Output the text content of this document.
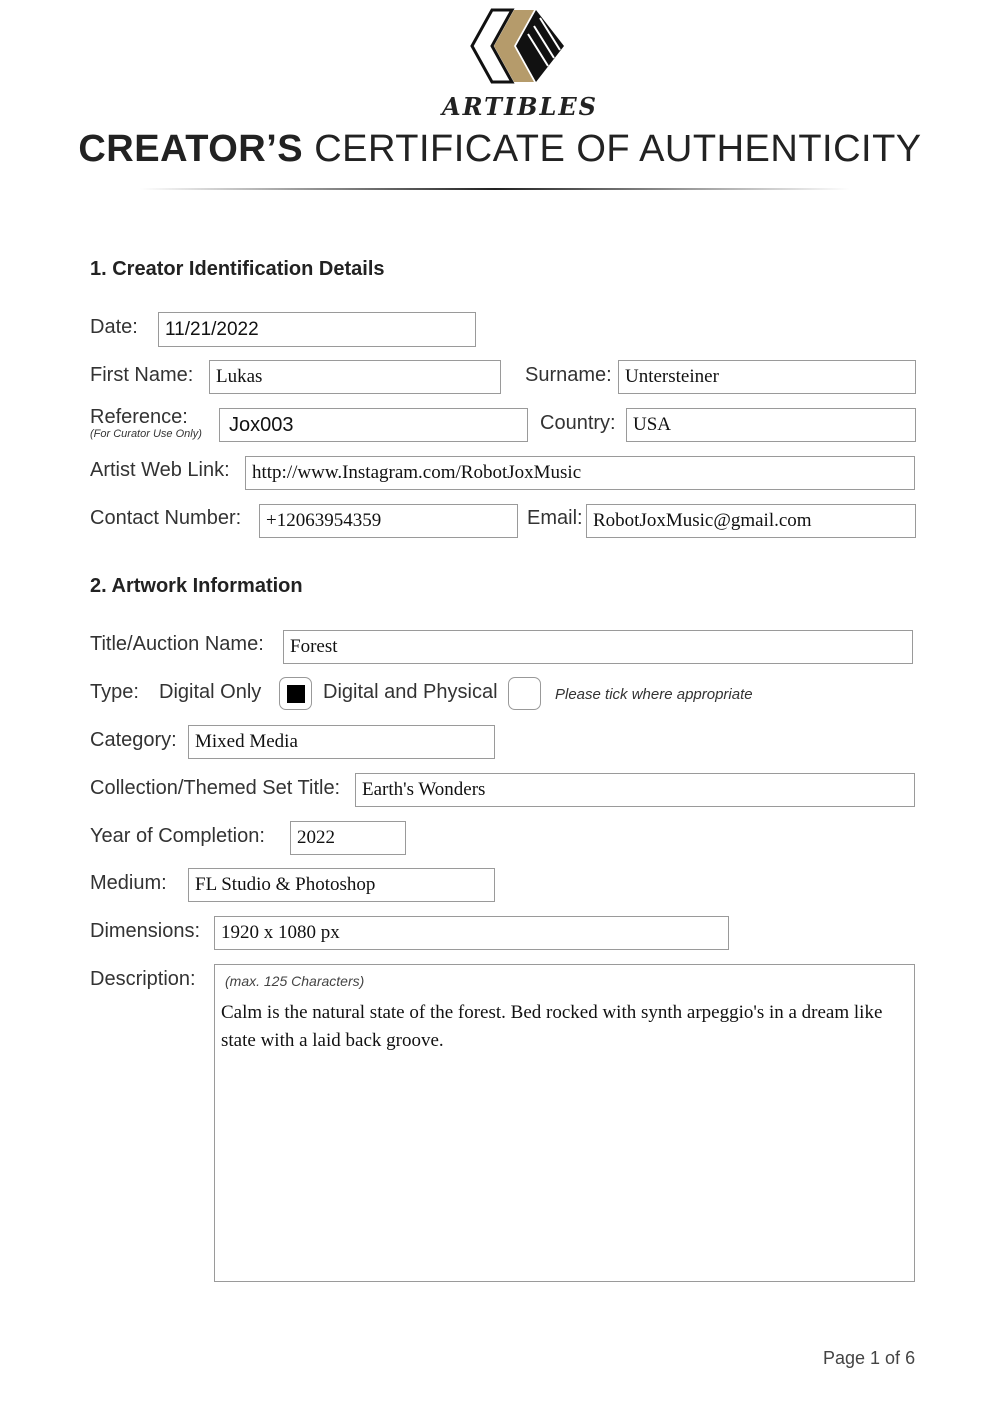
ARTIBLES
CREATOR’S CERTIFICATE OF AUTHENTICITY
1. Creator Identification Details
Date:	11/21/2022
First Name:	Lukas	Surname: Untersteiner
Reference:
(For Curator Use Only)	Jox003	Country: USA
Artist Web Link:	http://www.Instagram.com/RobotJoxMusic
Contact Number:	+12063954359	Email: RobotJoxMusic@gmail.com
2. Artwork Information
Title/Auction Name:	Forest
Type: Digital Only	Digital and Physical	Please tick where appropriate
Category: Mixed Media
Collection/Themed Set Title:	Earth's Wonders
Year of Completion:	2022
Medium:	FL Studio & Photoshop
Dimensions:	1920 x 1080 px
Description: (max. 125 Characters)
Calm is the natural state of the forest. Bed rocked with synth arpeggio's in a dream like state with a laid back groove.
Page 1 of 6
